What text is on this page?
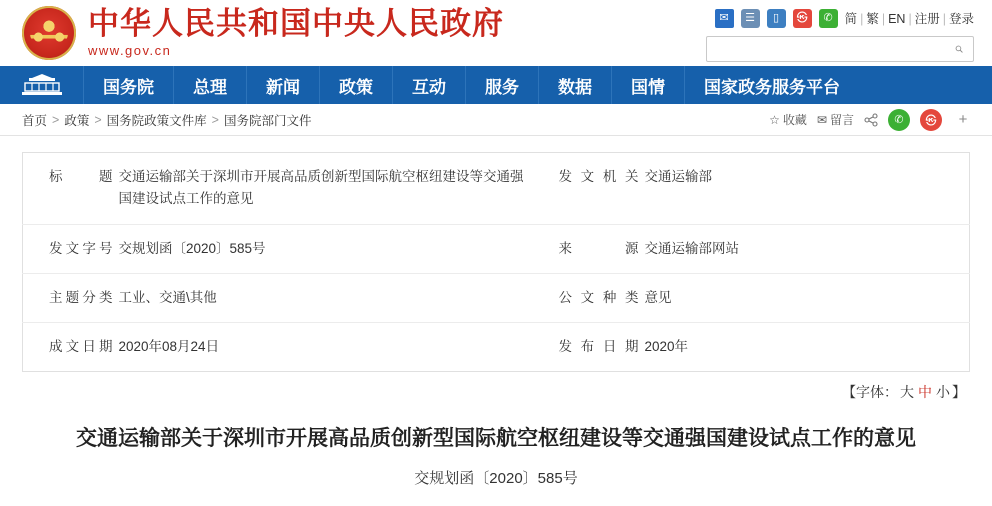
中华人民共和国中央人民政府
www.gov.cn
✉	☰	▯	㉿	✆ 简 | 繁 | EN | 注册 | 登录
国务院	总理	新闻	政策	互动	服务	数据	国情	国家政务服务平台
首页 > 政策 > 国务院政策文件库 > 国务院部门文件	☆ 收藏 ✉ 留言	✆	㉿	+
标题	交通运输部关于深圳市开展高品质创新型国际航空枢纽建设等交通强国建设试点工作的意见	发文机关	交通运输部
发文字号	交规划函〔2020〕585号	来源	交通运输部网站
主题分类	工业、交通\其他	公文种类	意见
成文日期	2020年08月24日	发布日期	2020年
【字体： 大 中 小 】
交通运输部关于深圳市开展高品质创新型国际航空枢纽建设等交通强国建设试点工作的意见
交规划函〔2020〕585号
